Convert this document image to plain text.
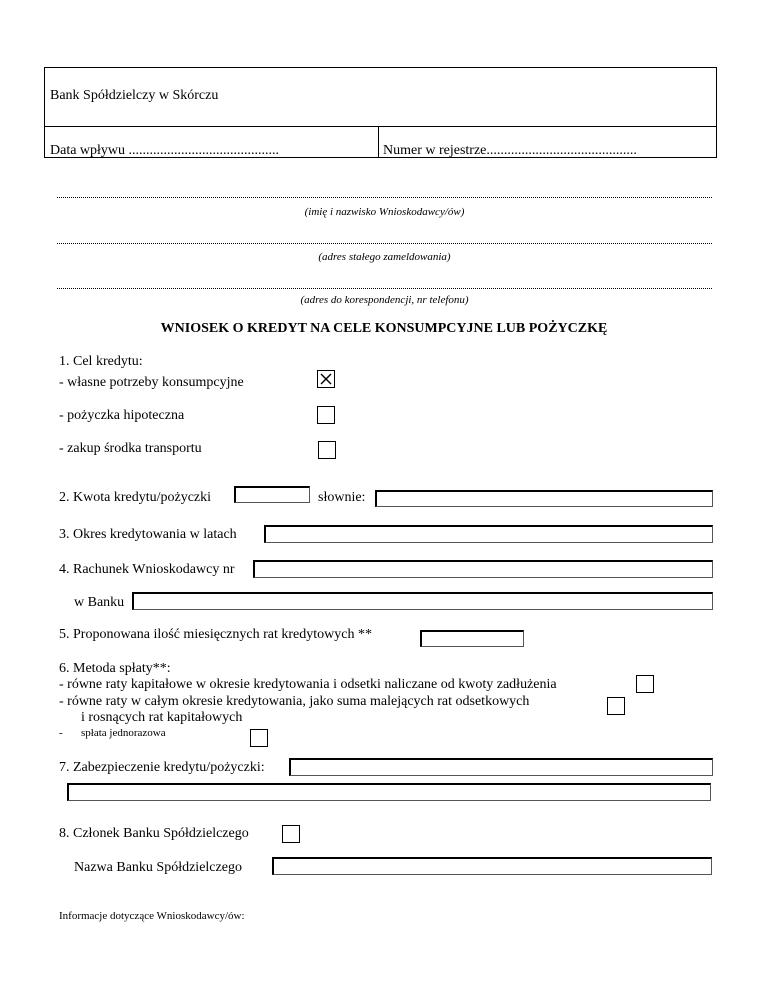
Bank Spółdzielczy w Skórczu
Data wpływu ...........................................	Numer w rejestrze...........................................
(imię i nazwisko Wnioskodawcy/ów)
(adres stałego zameldowania)
(adres do korespondencji, nr telefonu)
WNIOSEK O KREDYT NA CELE KONSUMPCYJNE LUB POŻYCZKĘ
1. Cel kredytu:
- własne potrzeby konsumpcyjne
- pożyczka hipoteczna
- zakup środka transportu
2. Kwota kredytu/pożyczki	słownie:
3. Okres kredytowania w latach
4. Rachunek Wnioskodawcy nr
w Banku
5. Proponowana ilość miesięcznych rat kredytowych **
6. Metoda spłaty**:
- równe raty kapitałowe w okresie kredytowania i odsetki naliczane od kwoty zadłużenia
- równe raty w całym okresie kredytowania, jako suma malejących rat odsetkowych
i rosnących rat kapitałowych
- spłata jednorazowa
7. Zabezpieczenie kredytu/pożyczki:
8. Członek Banku Spółdzielczego
Nazwa Banku Spółdzielczego
Informacje dotyczące Wnioskodawcy/ów:
